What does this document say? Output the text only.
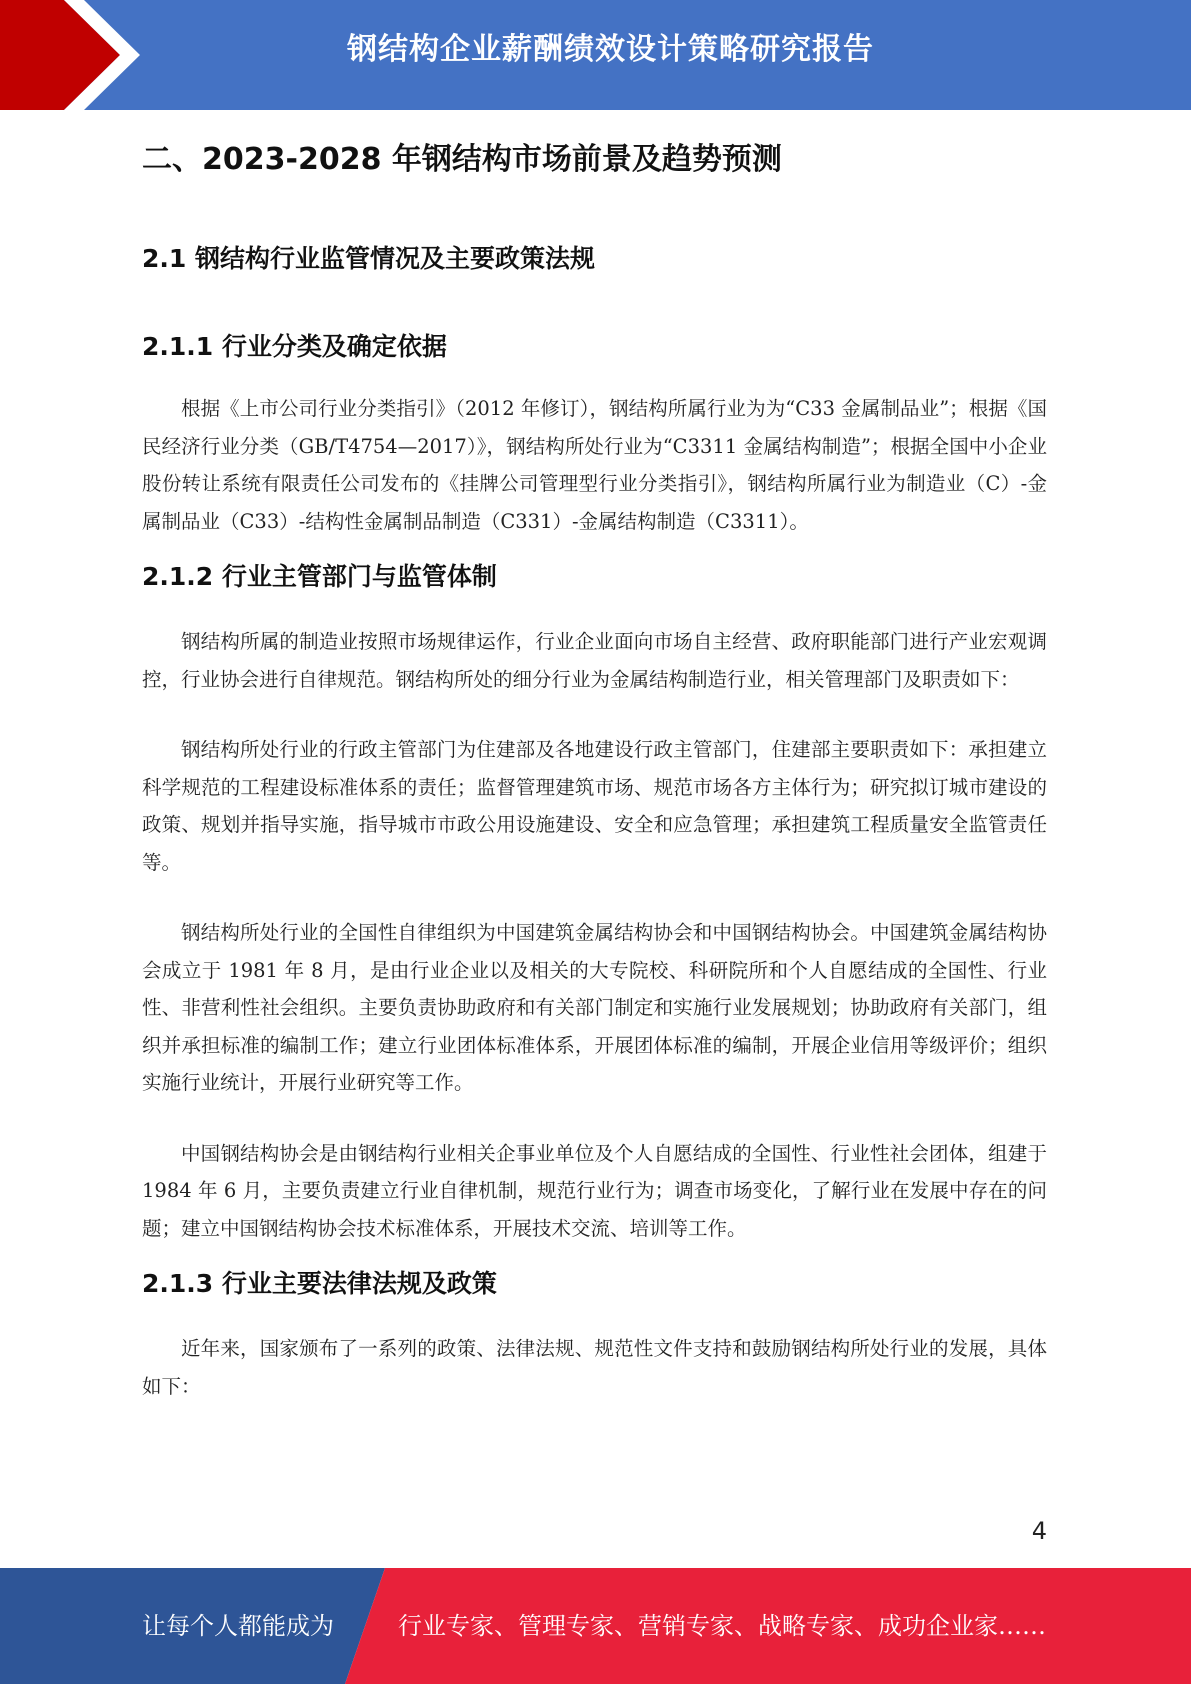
钢结构企业薪酬绩效设计策略研究报告
二、2023-2028 年钢结构市场前景及趋势预测
2.1 钢结构行业监管情况及主要政策法规
2.1.1 行业分类及确定依据

根据《上市公司行业分类指引》（2012 年修订），钢结构所属行业为为“C33 金属制品业”；根据《国民经济行业分类（GB/T4754—2017）》，钢结构所处行业为“C3311 金属结构制造”；根据全国中小企业股份转让系统有限责任公司发布的《挂牌公司管理型行业分类指引》，钢结构所属行业为制造业（C）-金属制品业（C33）-结构性金属制品制造（C331）-金属结构制造（C3311）。

2.1.2 行业主管部门与监管体制

钢结构所属的制造业按照市场规律运作，行业企业面向市场自主经营、政府职能部门进行产业宏观调控，行业协会进行自律规范。钢结构所处的细分行业为金属结构制造行业，相关管理部门及职责如下：

钢结构所处行业的行政主管部门为住建部及各地建设行政主管部门，住建部主要职责如下：承担建立科学规范的工程建设标准体系的责任；监督管理建筑市场、规范市场各方主体行为；研究拟订城市建设的政策、规划并指导实施，指导城市市政公用设施建设、安全和应急管理；承担建筑工程质量安全监管责任等。

钢结构所处行业的全国性自律组织为中国建筑金属结构协会和中国钢结构协会。中国建筑金属结构协会成立于 1981 年 8 月，是由行业企业以及相关的大专院校、科研院所和个人自愿结成的全国性、行业性、非营利性社会组织。主要负责协助政府和有关部门制定和实施行业发展规划；协助政府有关部门，组织并承担标准的编制工作；建立行业团体标准体系，开展团体标准的编制，开展企业信用等级评价；组织实施行业统计，开展行业研究等工作。

中国钢结构协会是由钢结构行业相关企事业单位及个人自愿结成的全国性、行业性社会团体，组建于 1984 年 6 月，主要负责建立行业自律机制，规范行业行为；调查市场变化，了解行业在发展中存在的问题；建立中国钢结构协会技术标准体系，开展技术交流、培训等工作。

2.1.3 行业主要法律法规及政策

近年来，国家颁布了一系列的政策、法律法规、规范性文件支持和鼓励钢结构所处行业的发展，具体如下：

4
让每个人都能成为	行业专家、管理专家、营销专家、战略专家、成功企业家……
